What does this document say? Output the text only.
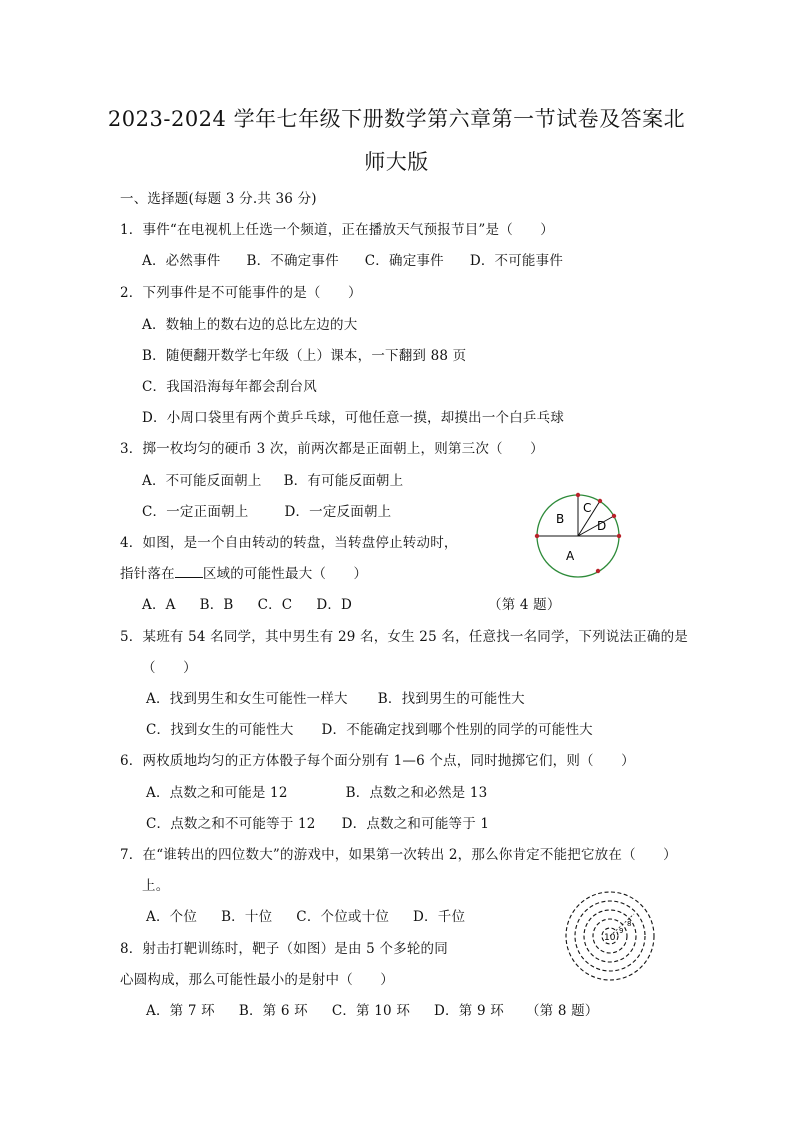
2023-2024 学年七年级下册数学第六章第一节试卷及答案北
师大版
一、选择题(每题 3 分.共 36 分)
1．事件“在电视机上任选一个频道，正在播放天气预报节目”是（　　）
A．必然事件 B．不确定事件 C．确定事件 D．不可能事件
2．下列事件是不可能事件的是（　　）
A．数轴上的数右边的总比左边的大
B．随便翻开数学七年级（上）课本，一下翻到 88 页
C．我国沿海每年都会刮台风
D．小周口袋里有两个黄乒乓球，可他任意一摸，却摸出一个白乒乓球
3．掷一枚均匀的硬币 3 次，前两次都是正面朝上，则第三次（　　）
A．不可能反面朝上 B．有可能反面朝上
C．一定正面朝上	D．一定反面朝上
4．如图，是一个自由转动的转盘，当转盘停止转动时，
指针落在 区域的可能性最大（　　）
A．A B．B C．C D．D	（第 4 题）
B
C
D
A
5．某班有 54 名同学，其中男生有 29 名，女生 25 名，任意找一名同学，下列说法正确的是
（　　）
A．找到男生和女生可能性一样大 B．找到男生的可能性大
C．找到女生的可能性大 D．不能确定找到哪个性别的同学的可能性大
6．两枚质地均匀的正方体骰子每个面分别有 1—6 个点，同时抛掷它们，则（　　）
A．点数之和可能是 12	B．点数之和必然是 13
C．点数之和不可能等于 12 D．点数之和可能等于 1
7．在“谁转出的四位数大”的游戏中，如果第一次转出 2，那么你肯定不能把它放在（　　）
上。
A．个位 B．十位 C．个位或十位 D．千位
8．射击打靶训练时，靶子（如图）是由 5 个多轮的同
心圆构成，那么可能性最小的是射中（　　）
A．第 7 环 B．第 6 环 C．第 10 环 D．第 9 环 （第 8 题）
10
9
8
